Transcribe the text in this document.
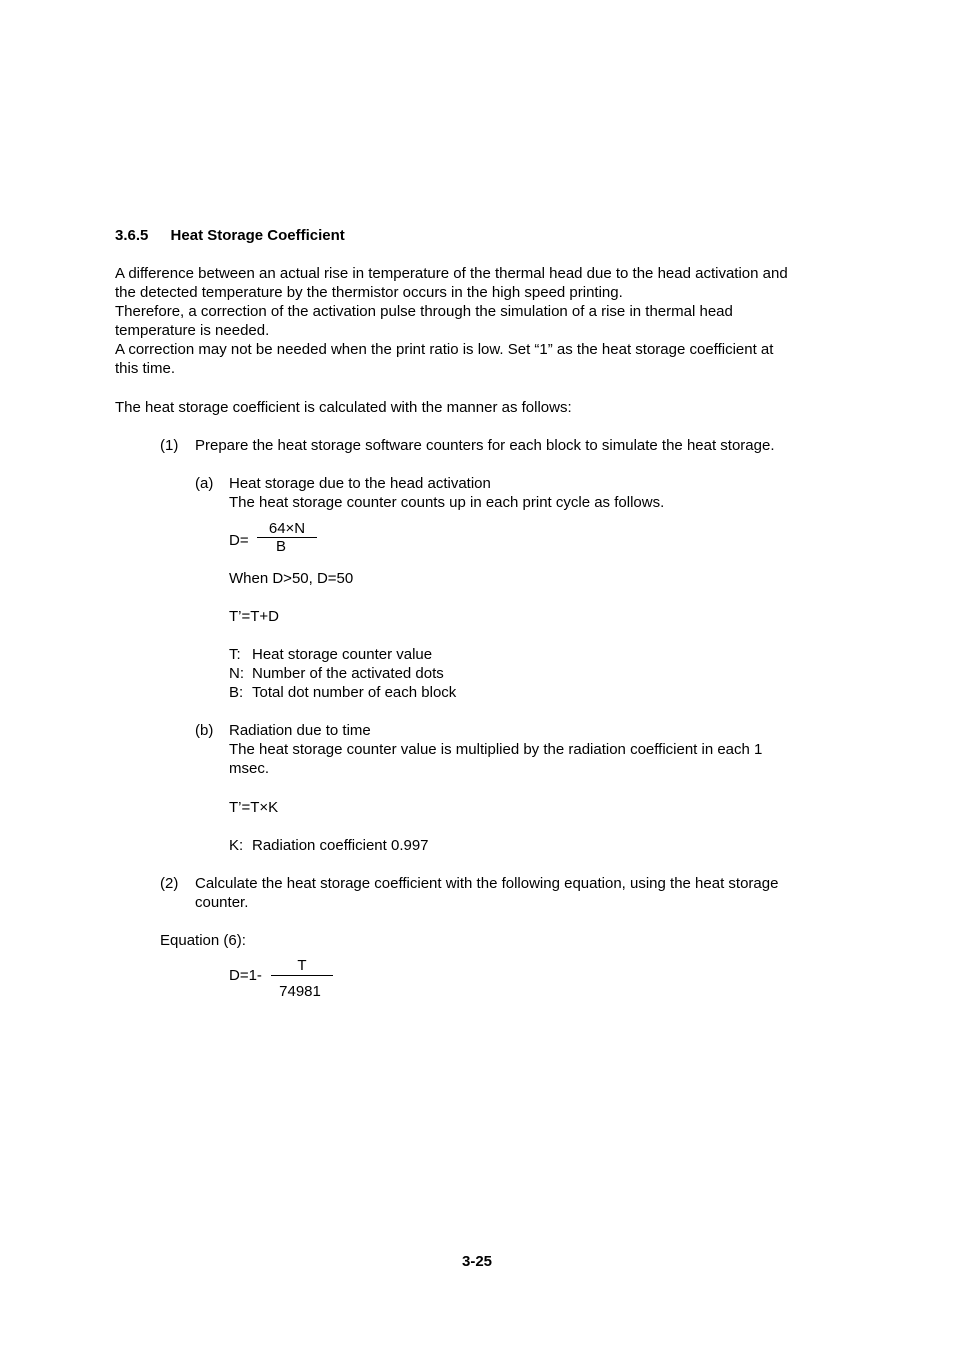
3.6.5 Heat Storage Coefficient
A difference between an actual rise in temperature of the thermal head due to the head activation and
the detected temperature by the thermistor occurs in the high speed printing.
Therefore, a correction of the activation pulse through the simulation of a rise in thermal head
temperature is needed.
A correction may not be needed when the print ratio is low. Set “1” as the heat storage coefficient at
this time.
The heat storage coefficient is calculated with the manner as follows:
(1) Prepare the heat storage software counters for each block to simulate the heat storage.
(a) Heat storage due to the head activation
The heat storage counter counts up in each print cycle as follows.
D=
64×N
B
When D>50, D=50
T’=T+D
T: Heat storage counter value
N: Number of the activated dots
B: Total dot number of each block
(b) Radiation due to time
The heat storage counter value is multiplied by the radiation coefficient in each 1
msec.
T’=T×K
K: Radiation coefficient 0.997
(2) Calculate the heat storage coefficient with the following equation, using the heat storage
counter.
Equation (6):
D=1-
T
74981
3-25
